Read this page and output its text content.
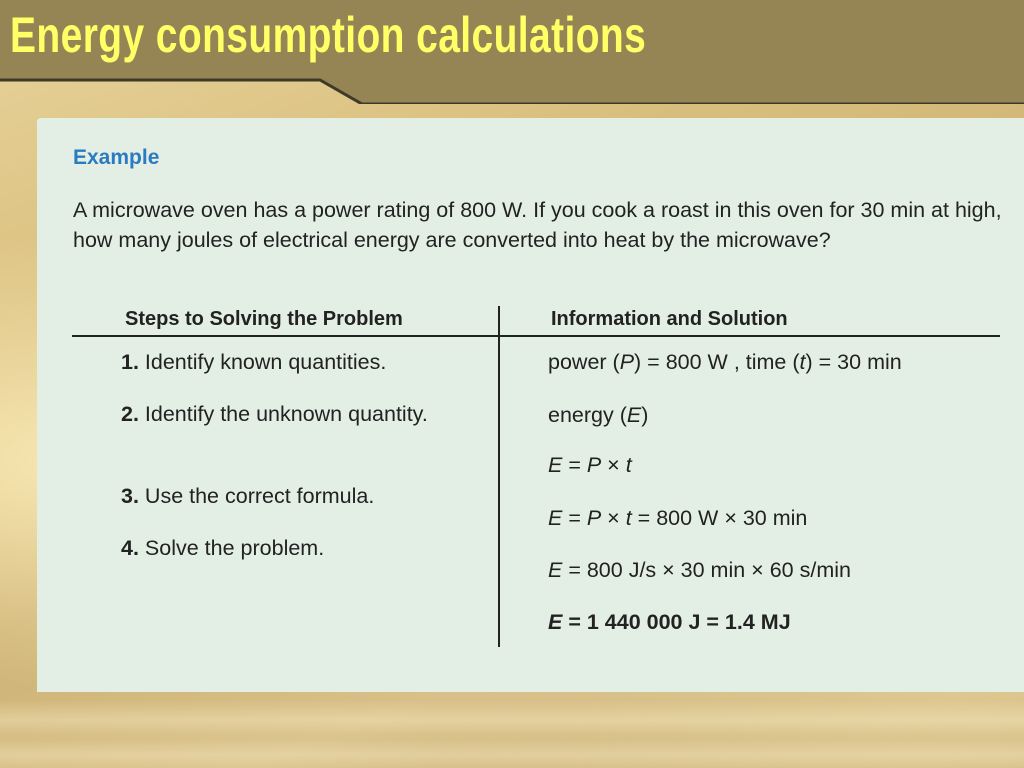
Energy consumption calculations
Example
A microwave oven has a power rating of 800 W. If you cook a roast in this oven for 30 min at high, how many joules of electrical energy are converted into heat by the microwave?
Steps to Solving the Problem	Information and Solution
1. Identify known quantities.
2. Identify the unknown quantity.
3. Use the correct formula.
4. Solve the problem.
power (P) = 800 W , time (t) = 30 min
energy (E)
E = P × t
E = P × t = 800 W × 30 min
E = 800 J/s × 30 min × 60 s/min
E = 1 440 000 J = 1.4 MJ
